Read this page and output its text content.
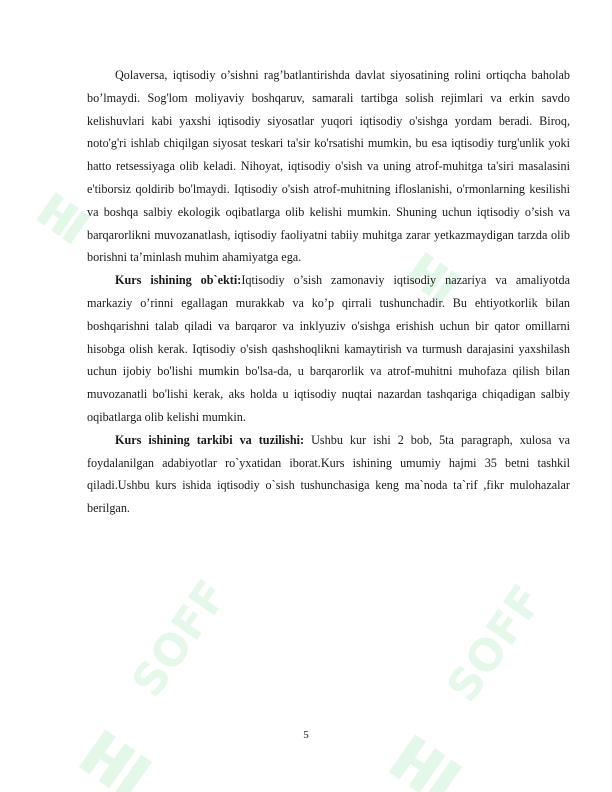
SOFF	SOFF

Qolaversa, iqtisodiy o’sishni rag’batlantirishda davlat siyosatining rolini ortiqcha baholab bo’lmaydi. Sog'lom moliyaviy boshqaruv, samarali tartibga solish rejimlari va erkin savdo kelishuvlari kabi yaxshi iqtisodiy siyosatlar yuqori iqtisodiy o'sishga yordam beradi. Biroq, noto'g'ri ishlab chiqilgan siyosat teskari ta'sir ko'rsatishi mumkin, bu esa iqtisodiy turg'unlik yoki hatto retsessiyaga olib keladi. Nihoyat, iqtisodiy o'sish va uning atrof-muhitga ta'siri masalasini e'tiborsiz qoldirib bo'lmaydi. Iqtisodiy o'sish atrof-muhitning ifloslanishi, o'rmonlarning kesilishi va boshqa salbiy ekologik oqibatlarga olib kelishi mumkin. Shuning uchun iqtisodiy o’sish va barqarorlikni muvozanatlash, iqtisodiy faoliyatni tabiiy muhitga zarar yetkazmaydigan tarzda olib borishni ta’minlash muhim ahamiyatga ega.

Kurs ishining ob`ekti:Iqtisodiy o’sish zamonaviy iqtisodiy nazariya va amaliyotda markaziy o’rinni egallagan murakkab va ko’p qirrali tushunchadir. Bu ehtiyotkorlik bilan boshqarishni talab qiladi va barqaror va inklyuziv o'sishga erishish uchun bir qator omillarni hisobga olish kerak. Iqtisodiy o'sish qashshoqlikni kamaytirish va turmush darajasini yaxshilash uchun ijobiy bo'lishi mumkin bo'lsa-da, u barqarorlik va atrof-muhitni muhofaza qilish bilan muvozanatli bo'lishi kerak, aks holda u iqtisodiy nuqtai nazardan tashqariga chiqadigan salbiy oqibatlarga olib kelishi mumkin.

Kurs ishining tarkibi va tuzilishi: Ushbu kur ishi 2 bob, 5ta paragraph, xulosa va foydalanilgan adabiyotlar ro`yxatidan iborat.Kurs ishining umumiy hajmi 35 betni tashkil qiladi.Ushbu kurs ishida iqtisodiy o`sish tushunchasiga keng ma`noda ta`rif ,fikr mulohazalar berilgan.

5
